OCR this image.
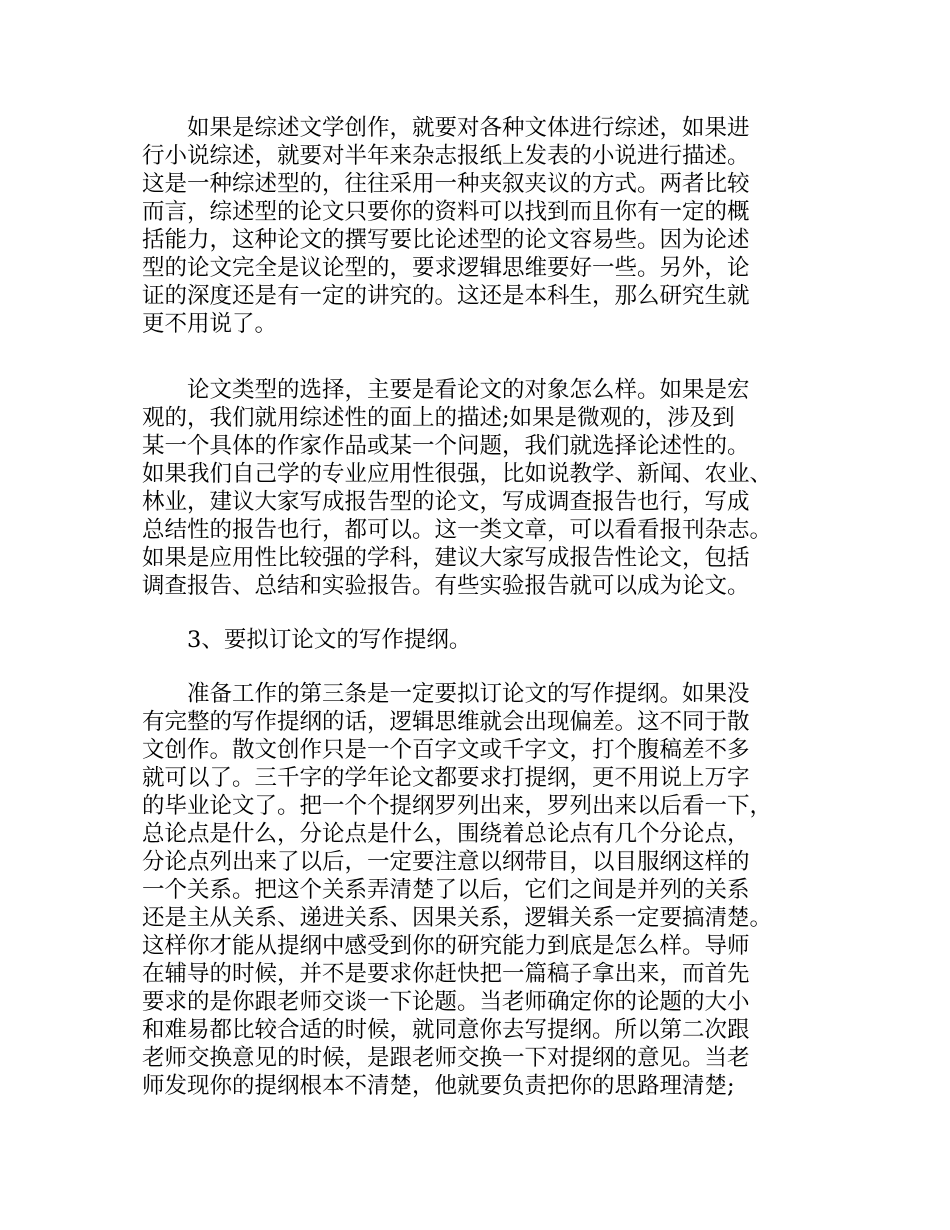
如果是综述文学创作，就要对各种文体进行综述，如果进
行小说综述，就要对半年来杂志报纸上发表的小说进行描述。
这是一种综述型的，往往采用一种夹叙夹议的方式。两者比较
而言，综述型的论文只要你的资料可以找到而且你有一定的概
括能力，这种论文的撰写要比论述型的论文容易些。因为论述
型的论文完全是议论型的，要求逻辑思维要好一些。另外，论
证的深度还是有一定的讲究的。这还是本科生，那么研究生就
更不用说了。
论文类型的选择，主要是看论文的对象怎么样。如果是宏
观的，我们就用综述性的面上的描述;如果是微观的，涉及到
某一个具体的作家作品或某一个问题，我们就选择论述性的。
如果我们自己学的专业应用性很强，比如说教学、新闻、农业、
林业，建议大家写成报告型的论文，写成调查报告也行，写成
总结性的报告也行，都可以。这一类文章，可以看看报刊杂志。
如果是应用性比较强的学科，建议大家写成报告性论文，包括
调查报告、总结和实验报告。有些实验报告就可以成为论文。
3、要拟订论文的写作提纲。
准备工作的第三条是一定要拟订论文的写作提纲。如果没
有完整的写作提纲的话，逻辑思维就会出现偏差。这不同于散
文创作。散文创作只是一个百字文或千字文，打个腹稿差不多
就可以了。三千字的学年论文都要求打提纲，更不用说上万字
的毕业论文了。把一个个提纲罗列出来，罗列出来以后看一下，
总论点是什么，分论点是什么，围绕着总论点有几个分论点，
分论点列出来了以后，一定要注意以纲带目，以目服纲这样的
一个关系。把这个关系弄清楚了以后，它们之间是并列的关系
还是主从关系、递进关系、因果关系，逻辑关系一定要搞清楚。
这样你才能从提纲中感受到你的研究能力到底是怎么样。导师
在辅导的时候，并不是要求你赶快把一篇稿子拿出来，而首先
要求的是你跟老师交谈一下论题。当老师确定你的论题的大小
和难易都比较合适的时候，就同意你去写提纲。所以第二次跟
老师交换意见的时候，是跟老师交换一下对提纲的意见。当老
师发现你的提纲根本不清楚，他就要负责把你的思路理清楚;
